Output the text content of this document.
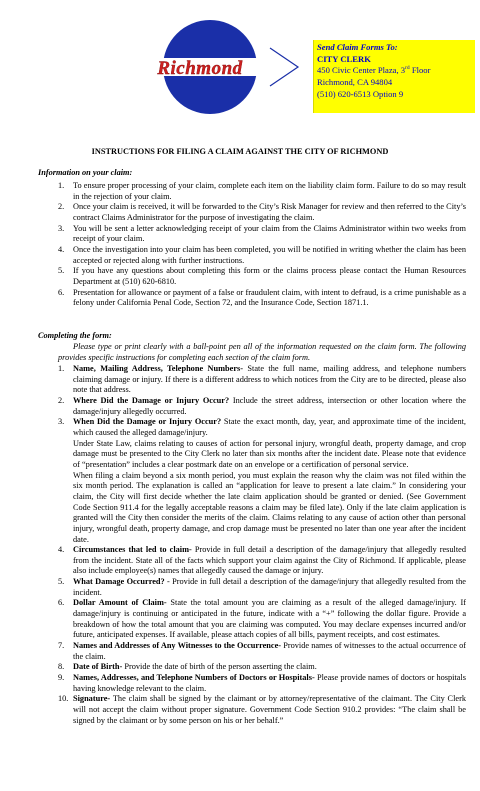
Richmond
City of
Send Claim Forms To:
CITY CLERK
450 Civic Center Plaza, 3rd Floor
Richmond, CA 94804
(510) 620-6513 Option 9
INSTRUCTIONS FOR FILING A CLAIM AGAINST THE CITY OF RICHMOND
Information on your claim:
1. To ensure proper processing of your claim, complete each item on the liability claim form. Failure to do so may result in the rejection of your claim.
2. Once your claim is received, it will be forwarded to the City’s Risk Manager for review and then referred to the City’s contract Claims Administrator for the purpose of investigating the claim.
3. You will be sent a letter acknowledging receipt of your claim from the Claims Administrator within two weeks from receipt of your claim.
4. Once the investigation into your claim has been completed, you will be notified in writing whether the claim has been accepted or rejected along with further instructions.
5. If you have any questions about completing this form or the claims process please contact the Human Resources Department at (510) 620-6810.
6. Presentation for allowance or payment of a false or fraudulent claim, with intent to defraud, is a crime punishable as a felony under California Penal Code, Section 72, and the Insurance Code, Section 1871.1.
Completing the form:
Please type or print clearly with a ball-point pen all of the information requested on the claim form. The following provides specific instructions for completing each section of the claim form.
1. Name, Mailing Address, Telephone Numbers- State the full name, mailing address, and telephone numbers claiming damage or injury. If there is a different address to which notices from the City are to be directed, please also note that address.
2. Where Did the Damage or Injury Occur? Include the street address, intersection or other location where the damage/injury allegedly occurred.
3. When Did the Damage or Injury Occur? State the exact month, day, year, and approximate time of the incident, which caused the alleged damage/injury.

Under State Law, claims relating to causes of action for personal injury, wrongful death, property damage, and crop damage must be presented to the City Clerk no later than six months after the incident date. Please note that evidence of “presentation” includes a clear postmark date on an envelope or a certification of personal service.

When filing a claim beyond a six month period, you must explain the reason why the claim was not filed within the six month period. The explanation is called an “application for leave to present a late claim.” In considering your claim, the City will first decide whether the late claim application should be granted or denied. (See Government Code Section 911.4 for the legally acceptable reasons a claim may be filed late). Only if the late claim application is granted will the City then consider the merits of the claim. Claims relating to any cause of action other than personal injury, wrongful death, property damage, and crop damage must be presented no later than one year after the incident date.

4. Circumstances that led to claim- Provide in full detail a description of the damage/injury that allegedly resulted from the incident. State all of the facts which support your claim against the City of Richmond. If applicable, please also include employee(s) names that allegedly caused the damage or injury.
5. What Damage Occurred? - Provide in full detail a description of the damage/injury that allegedly resulted from the incident.
6. Dollar Amount of Claim- State the total amount you are claiming as a result of the alleged damage/injury. If damage/injury is continuing or anticipated in the future, indicate with a “+” following the dollar figure. Provide a breakdown of how the total amount that you are claiming was computed. You may declare expenses incurred and/or future, anticipated expenses. If available, please attach copies of all bills, payment receipts, and cost estimates.
7. Names and Addresses of Any Witnesses to the Occurrence- Provide names of witnesses to the actual occurrence of the claim.
8. Date of Birth- Provide the date of birth of the person asserting the claim.
9. Names, Addresses, and Telephone Numbers of Doctors or Hospitals- Please provide names of doctors or hospitals having knowledge relevant to the claim.
10. Signature- The claim shall be signed by the claimant or by attorney/representative of the claimant. The City Clerk will not accept the claim without proper signature. Government Code Section 910.2 provides: “The claim shall be signed by the claimant or by some person on his or her behalf.”
